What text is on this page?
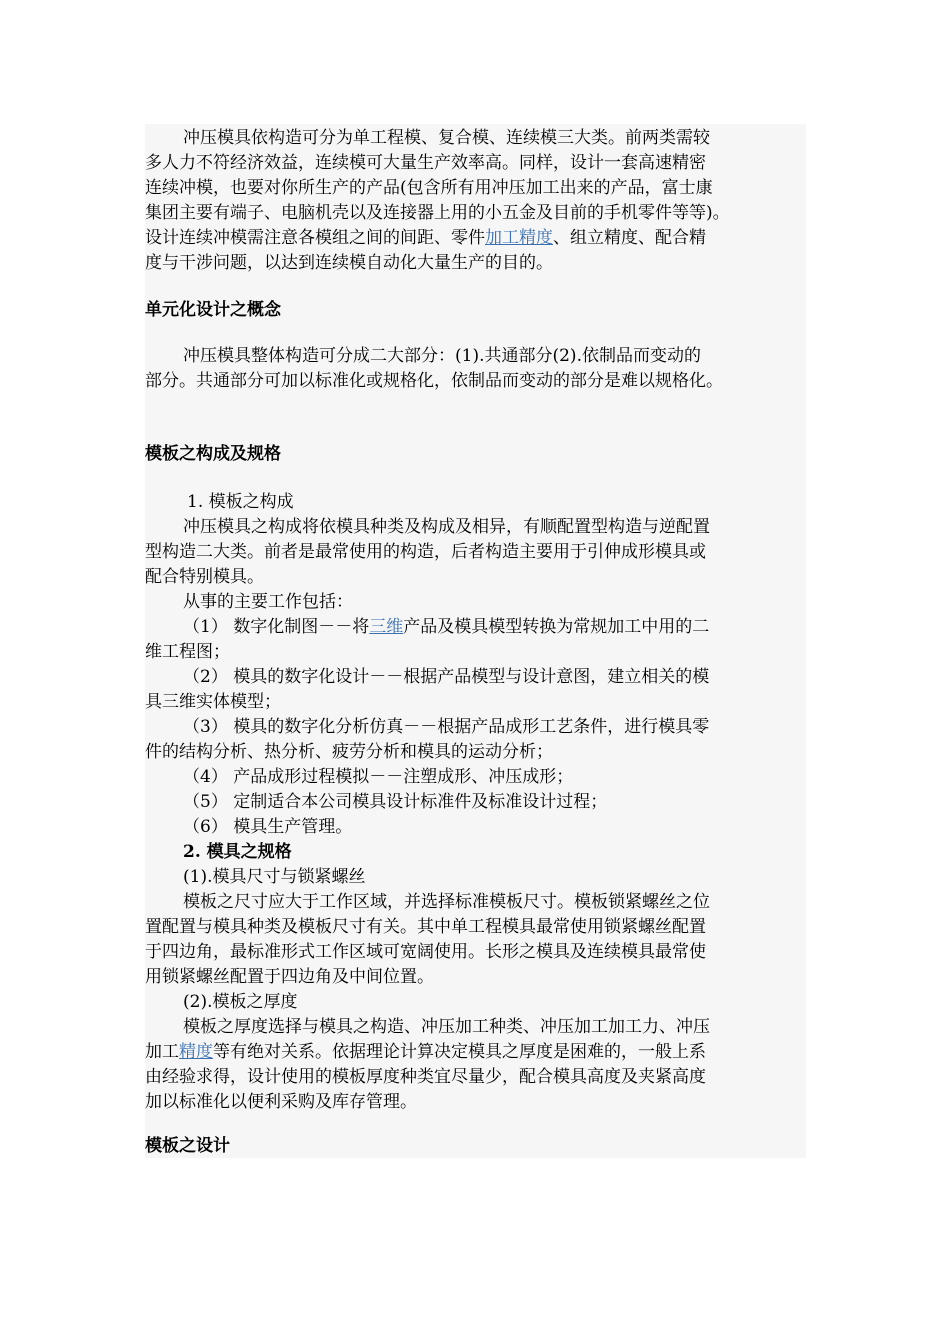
冲压模具依构造可分为单工程模、复合模、连续模三大类。前两类需较
多人力不符经济效益，连续模可大量生产效率高。同样，设计一套高速精密
连续冲模，也要对你所生产的产品(包含所有用冲压加工出来的产品，富士康
集团主要有端子、电脑机壳以及连接器上用的小五金及目前的手机零件等等)。
设计连续冲模需注意各模组之间的间距、零件加工精度、组立精度、配合精
度与干涉问题，以达到连续模自动化大量生产的目的。
单元化设计之概念
冲压模具整体构造可分成二大部分：(1).共通部分(2).依制品而变动的
部分。共通部分可加以标准化或规格化，依制品而变动的部分是难以规格化。
模板之构成及规格
1. 模板之构成
冲压模具之构成将依模具种类及构成及相异，有顺配置型构造与逆配置
型构造二大类。前者是最常使用的构造，后者构造主要用于引伸成形模具或
配合特别模具。
从事的主要工作包括：
（1） 数字化制图－－将三维产品及模具模型转换为常规加工中用的二
维工程图；
（2） 模具的数字化设计－－根据产品模型与设计意图，建立相关的模
具三维实体模型；
（3） 模具的数字化分析仿真－－根据产品成形工艺条件，进行模具零
件的结构分析、热分析、疲劳分析和模具的运动分析；
（4） 产品成形过程模拟－－注塑成形、冲压成形；
（5） 定制适合本公司模具设计标准件及标准设计过程；
（6） 模具生产管理。
2. 模具之规格
(1).模具尺寸与锁紧螺丝
模板之尺寸应大于工作区域，并选择标准模板尺寸。模板锁紧螺丝之位
置配置与模具种类及模板尺寸有关。其中单工程模具最常使用锁紧螺丝配置
于四边角，最标准形式工作区域可宽阔使用。长形之模具及连续模具最常使
用锁紧螺丝配置于四边角及中间位置。
(2).模板之厚度
模板之厚度选择与模具之构造、冲压加工种类、冲压加工加工力、冲压
加工精度等有绝对关系。依据理论计算决定模具之厚度是困难的，一般上系
由经验求得，设计使用的模板厚度种类宜尽量少，配合模具高度及夹紧高度
加以标准化以便利采购及库存管理。
模板之设计
